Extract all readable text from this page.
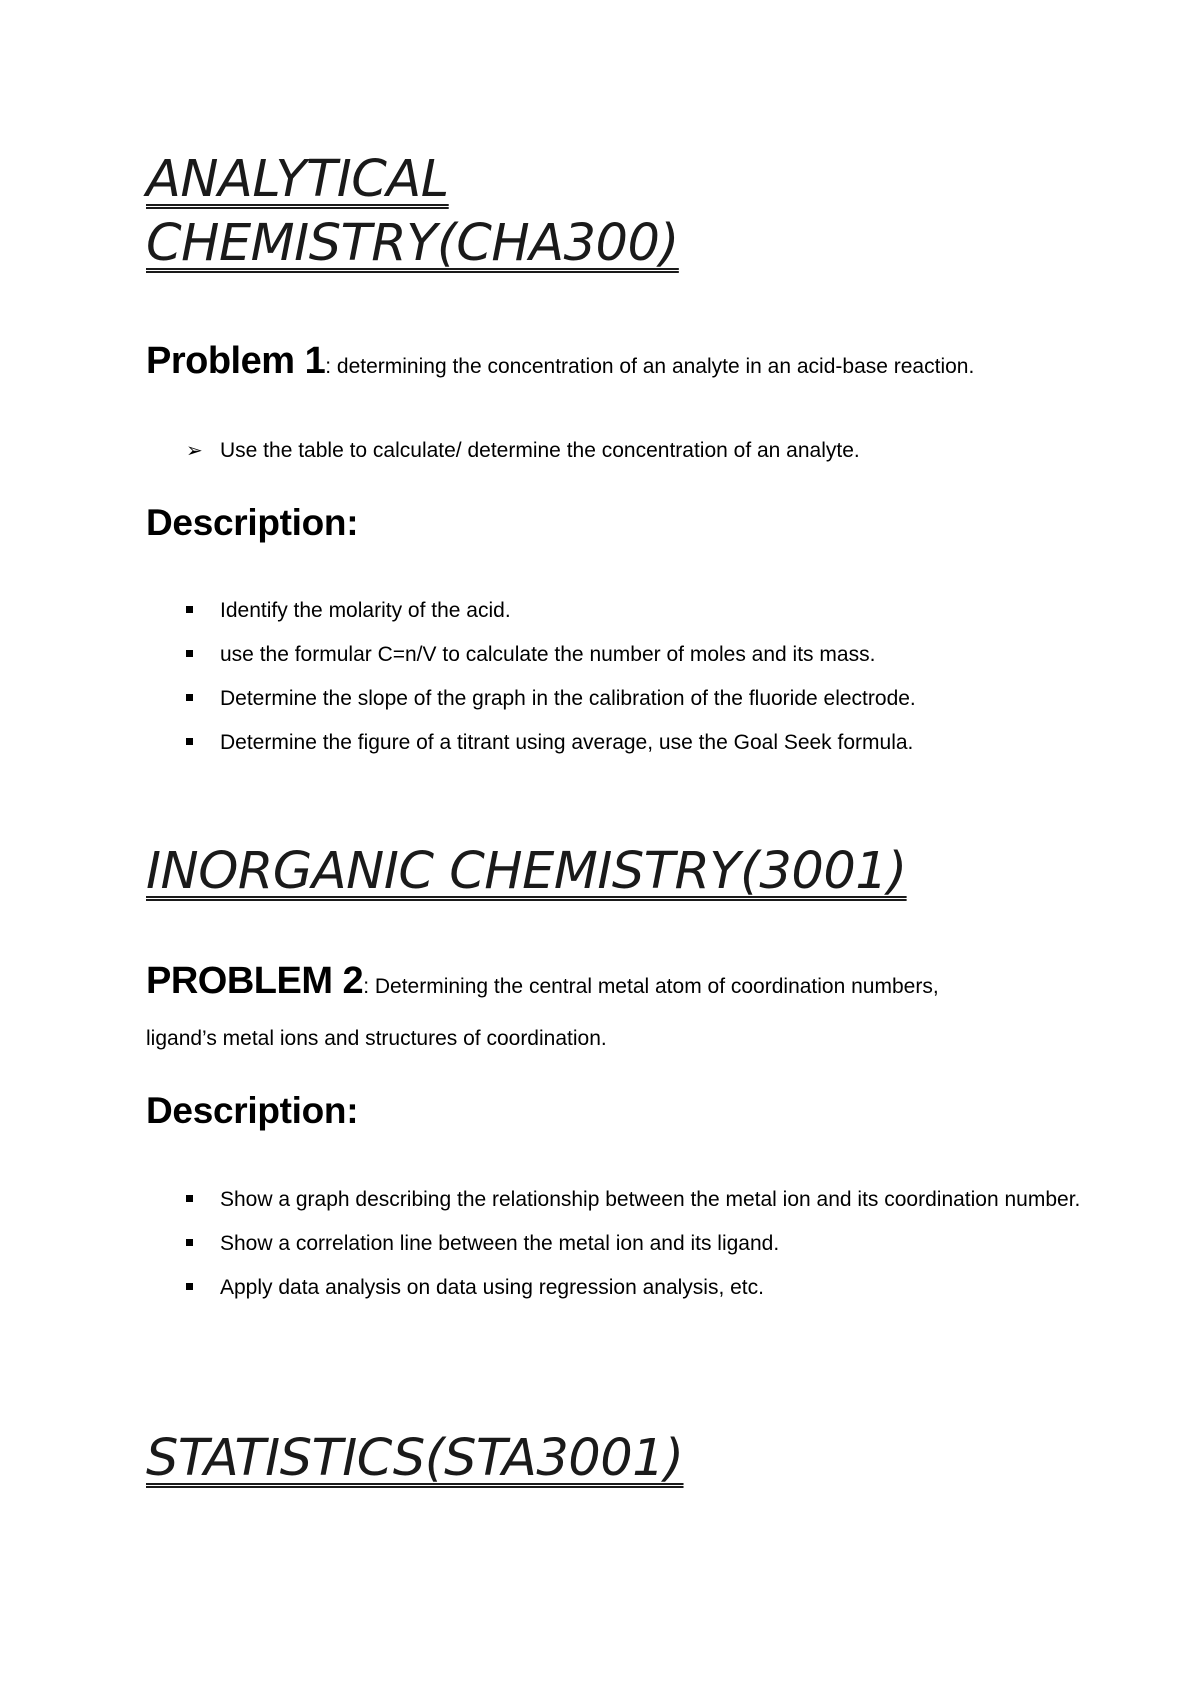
ANALYTICAL
CHEMISTRY(CHA300)

Problem 1: determining the concentration of an analyte in an acid-base reaction.

➢ Use the table to calculate/ determine the concentration of an analyte.
Description:
Identify the molarity of the acid.
use the formular C=n/V to calculate the number of moles and its mass.
Determine the slope of the graph in the calibration of the fluoride electrode.
Determine the figure of a titrant using average, use the Goal Seek formula.
INORGANIC CHEMISTRY(3001)

PROBLEM 2: Determining the central metal atom of coordination numbers,

ligand’s metal ions and structures of coordination.

Description:
Show a graph describing the relationship between the metal ion and its coordination number.
Show a correlation line between the metal ion and its ligand.
Apply data analysis on data using regression analysis, etc.
STATISTICS(STA3001)
